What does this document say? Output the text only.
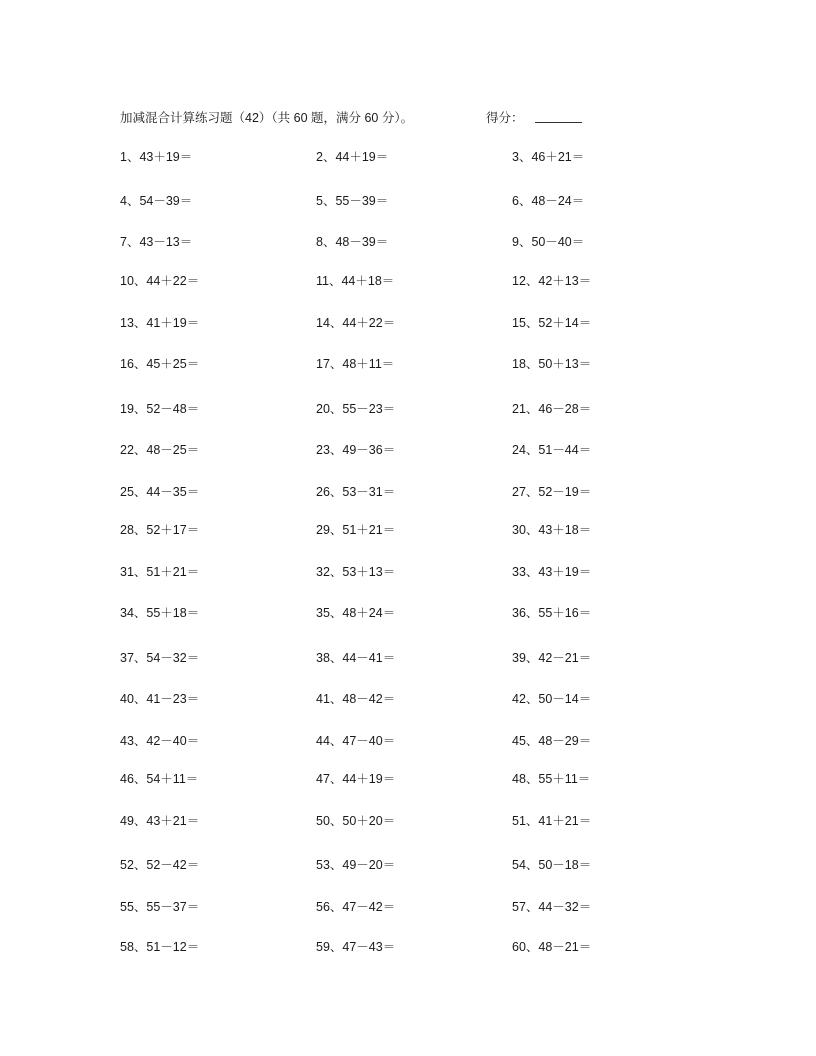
加减混合计算练习题（42）（共 60 题，满分 60 分）。	得分：
1、43＋19＝	2、44＋19＝	3、46＋21＝
4、54－39＝	5、55－39＝	6、48－24＝
7、43－13＝	8、48－39＝	9、50－40＝
10、44＋22＝	11、44＋18＝	12、42＋13＝
13、41＋19＝	14、44＋22＝	15、52＋14＝
16、45＋25＝	17、48＋11＝	18、50＋13＝
19、52－48＝	20、55－23＝	21、46－28＝
22、48－25＝	23、49－36＝	24、51－44＝
25、44－35＝	26、53－31＝	27、52－19＝
28、52＋17＝	29、51＋21＝	30、43＋18＝
31、51＋21＝	32、53＋13＝	33、43＋19＝
34、55＋18＝	35、48＋24＝	36、55＋16＝
37、54－32＝	38、44－41＝	39、42－21＝
40、41－23＝	41、48－42＝	42、50－14＝
43、42－40＝	44、47－40＝	45、48－29＝
46、54＋11＝	47、44＋19＝	48、55＋11＝
49、43＋21＝	50、50＋20＝	51、41＋21＝
52、52－42＝	53、49－20＝	54、50－18＝
55、55－37＝	56、47－42＝	57、44－32＝
58、51－12＝	59、47－43＝	60、48－21＝
